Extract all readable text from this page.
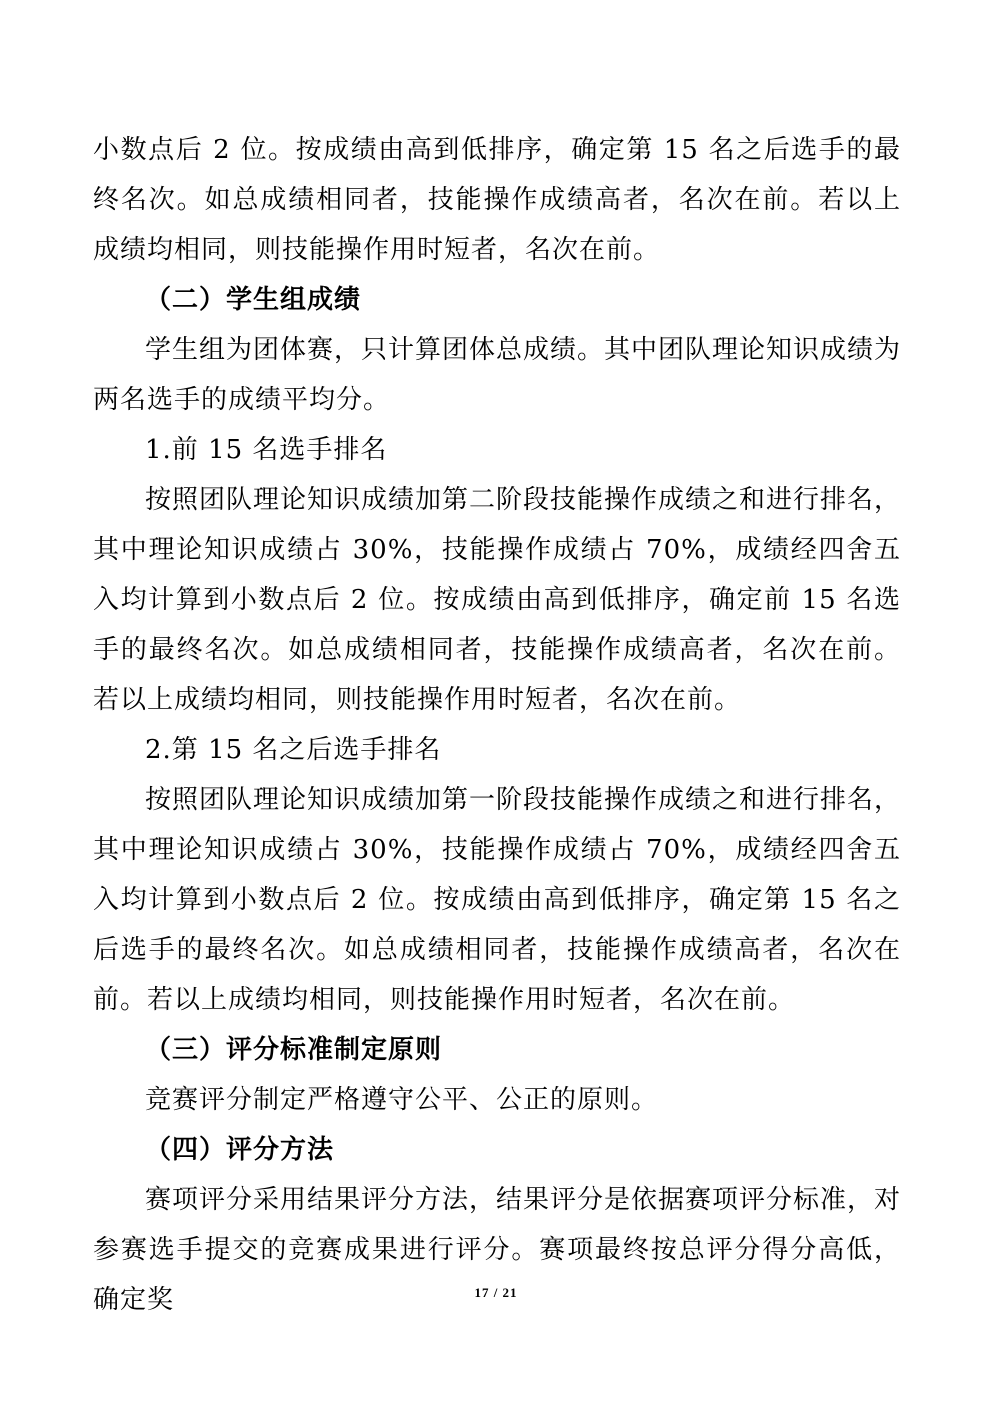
小数点后 2 位。按成绩由高到低排序，确定第 15 名之后选手的最终名次。如总成绩相同者，技能操作成绩高者，名次在前。若以上成绩均相同，则技能操作用时短者，名次在前。

（二）学生组成绩

学生组为团体赛，只计算团体总成绩。其中团队理论知识成绩为两名选手的成绩平均分。

1.前 15 名选手排名

按照团队理论知识成绩加第二阶段技能操作成绩之和进行排名，其中理论知识成绩占 30%，技能操作成绩占 70%，成绩经四舍五入均计算到小数点后 2 位。按成绩由高到低排序，确定前 15 名选手的最终名次。如总成绩相同者，技能操作成绩高者，名次在前。若以上成绩均相同，则技能操作用时短者，名次在前。

2.第 15 名之后选手排名

按照团队理论知识成绩加第一阶段技能操作成绩之和进行排名，其中理论知识成绩占 30%，技能操作成绩占 70%，成绩经四舍五入均计算到小数点后 2 位。按成绩由高到低排序，确定第 15 名之后选手的最终名次。如总成绩相同者，技能操作成绩高者，名次在前。若以上成绩均相同，则技能操作用时短者，名次在前。

（三）评分标准制定原则

竞赛评分制定严格遵守公平、公正的原则。

（四）评分方法

赛项评分采用结果评分方法，结果评分是依据赛项评分标准，对参赛选手提交的竞赛成果进行评分。赛项最终按总评分得分高低，确定奖	17 / 21
